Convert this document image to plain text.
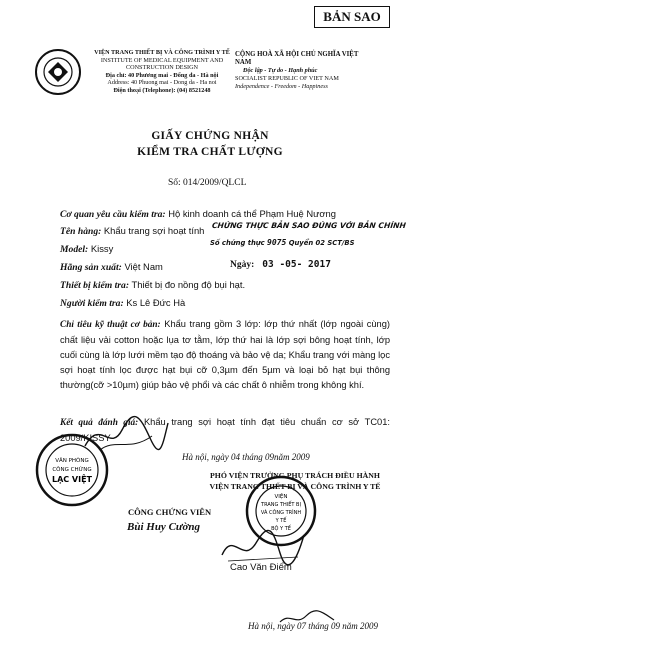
BẢN SAO
VIỆN TRANG THIẾT BỊ VÀ CÔNG TRÌNH Y TẾ
INSTITUTE OF MEDICAL EQUIPMENT AND
CONSTRUCTION DESIGN
Địa chỉ: 40 Phương mai - Đống đa - Hà nội
Address: 40 Phuong mai - Dong da - Ha noi
Điện thoại (Telephone): (04) 8521248
CỘNG HOÀ XÃ HỘI CHỦ NGHĨA VIỆT NAM
Độc lập - Tự do - Hạnh phúc
SOCIALIST REPUBLIC OF VIET NAM
Independence - Freedom - Happiness
GIẤY CHỨNG NHẬN
KIỂM TRA CHẤT LƯỢNG
Số: 014/2009/QLCL
Cơ quan yêu cầu kiểm tra: Hộ kinh doanh cá thể Phạm Huệ Nương
Tên hàng: Khẩu trang sợi hoạt tính
Model: Kissy
Hãng sản xuất: Việt Nam
Thiết bị kiểm tra: Thiết bị đo nồng độ bụi hạt.
Người kiểm tra: Ks Lê Đức Hà
CHỨNG THỰC BẢN SAO ĐÚNG VỚI BẢN CHÍNH
Số chứng thực 9075 Quyển 02 SCT/BS
Ngày: 03 -05- 2017
Chỉ tiêu kỹ thuật cơ bản: Khẩu trang gồm 3 lớp: lớp thứ nhất (lớp ngoài cùng) chất liệu vải cotton hoặc lụa tơ tằm, lớp thứ hai là lớp sợi bông hoạt tính, lớp cuối cùng là lớp lưới mềm tạo độ thoáng và bảo vệ da; Khẩu trang với màng lọc sợi hoạt tính lọc được hạt bụi cỡ 0,3µm đến 5µm và loại bỏ hạt bụi thông thường(cỡ >10µm) giúp bảo vệ phổi và các chất ô nhiễm trong không khí.
Kết quả đánh giá: Khẩu trang sợi hoạt tính đạt tiêu chuẩn cơ sở TC01: 2009/KISSY-
Hà nội, ngày 04 tháng 09năm 2009
PHÓ VIỆN TRƯỞNG PHỤ TRÁCH ĐIỀU HÀNH
VIỆN TRANG THIẾT BỊ VÀ CÔNG TRÌNH Y TẾ
VĂN PHÒNG
CÔNG CHỨNG
LẠC VIỆT
CÔNG CHỨNG VIÊN
Bùi Huy Cường
VIỆN
TRANG THIẾT BỊ
VÀ CÔNG TRÌNH
Y TẾ
BỘ Y TẾ
Cao Văn Điểm
Hà nội, ngày 07 tháng 09 năm 2009
